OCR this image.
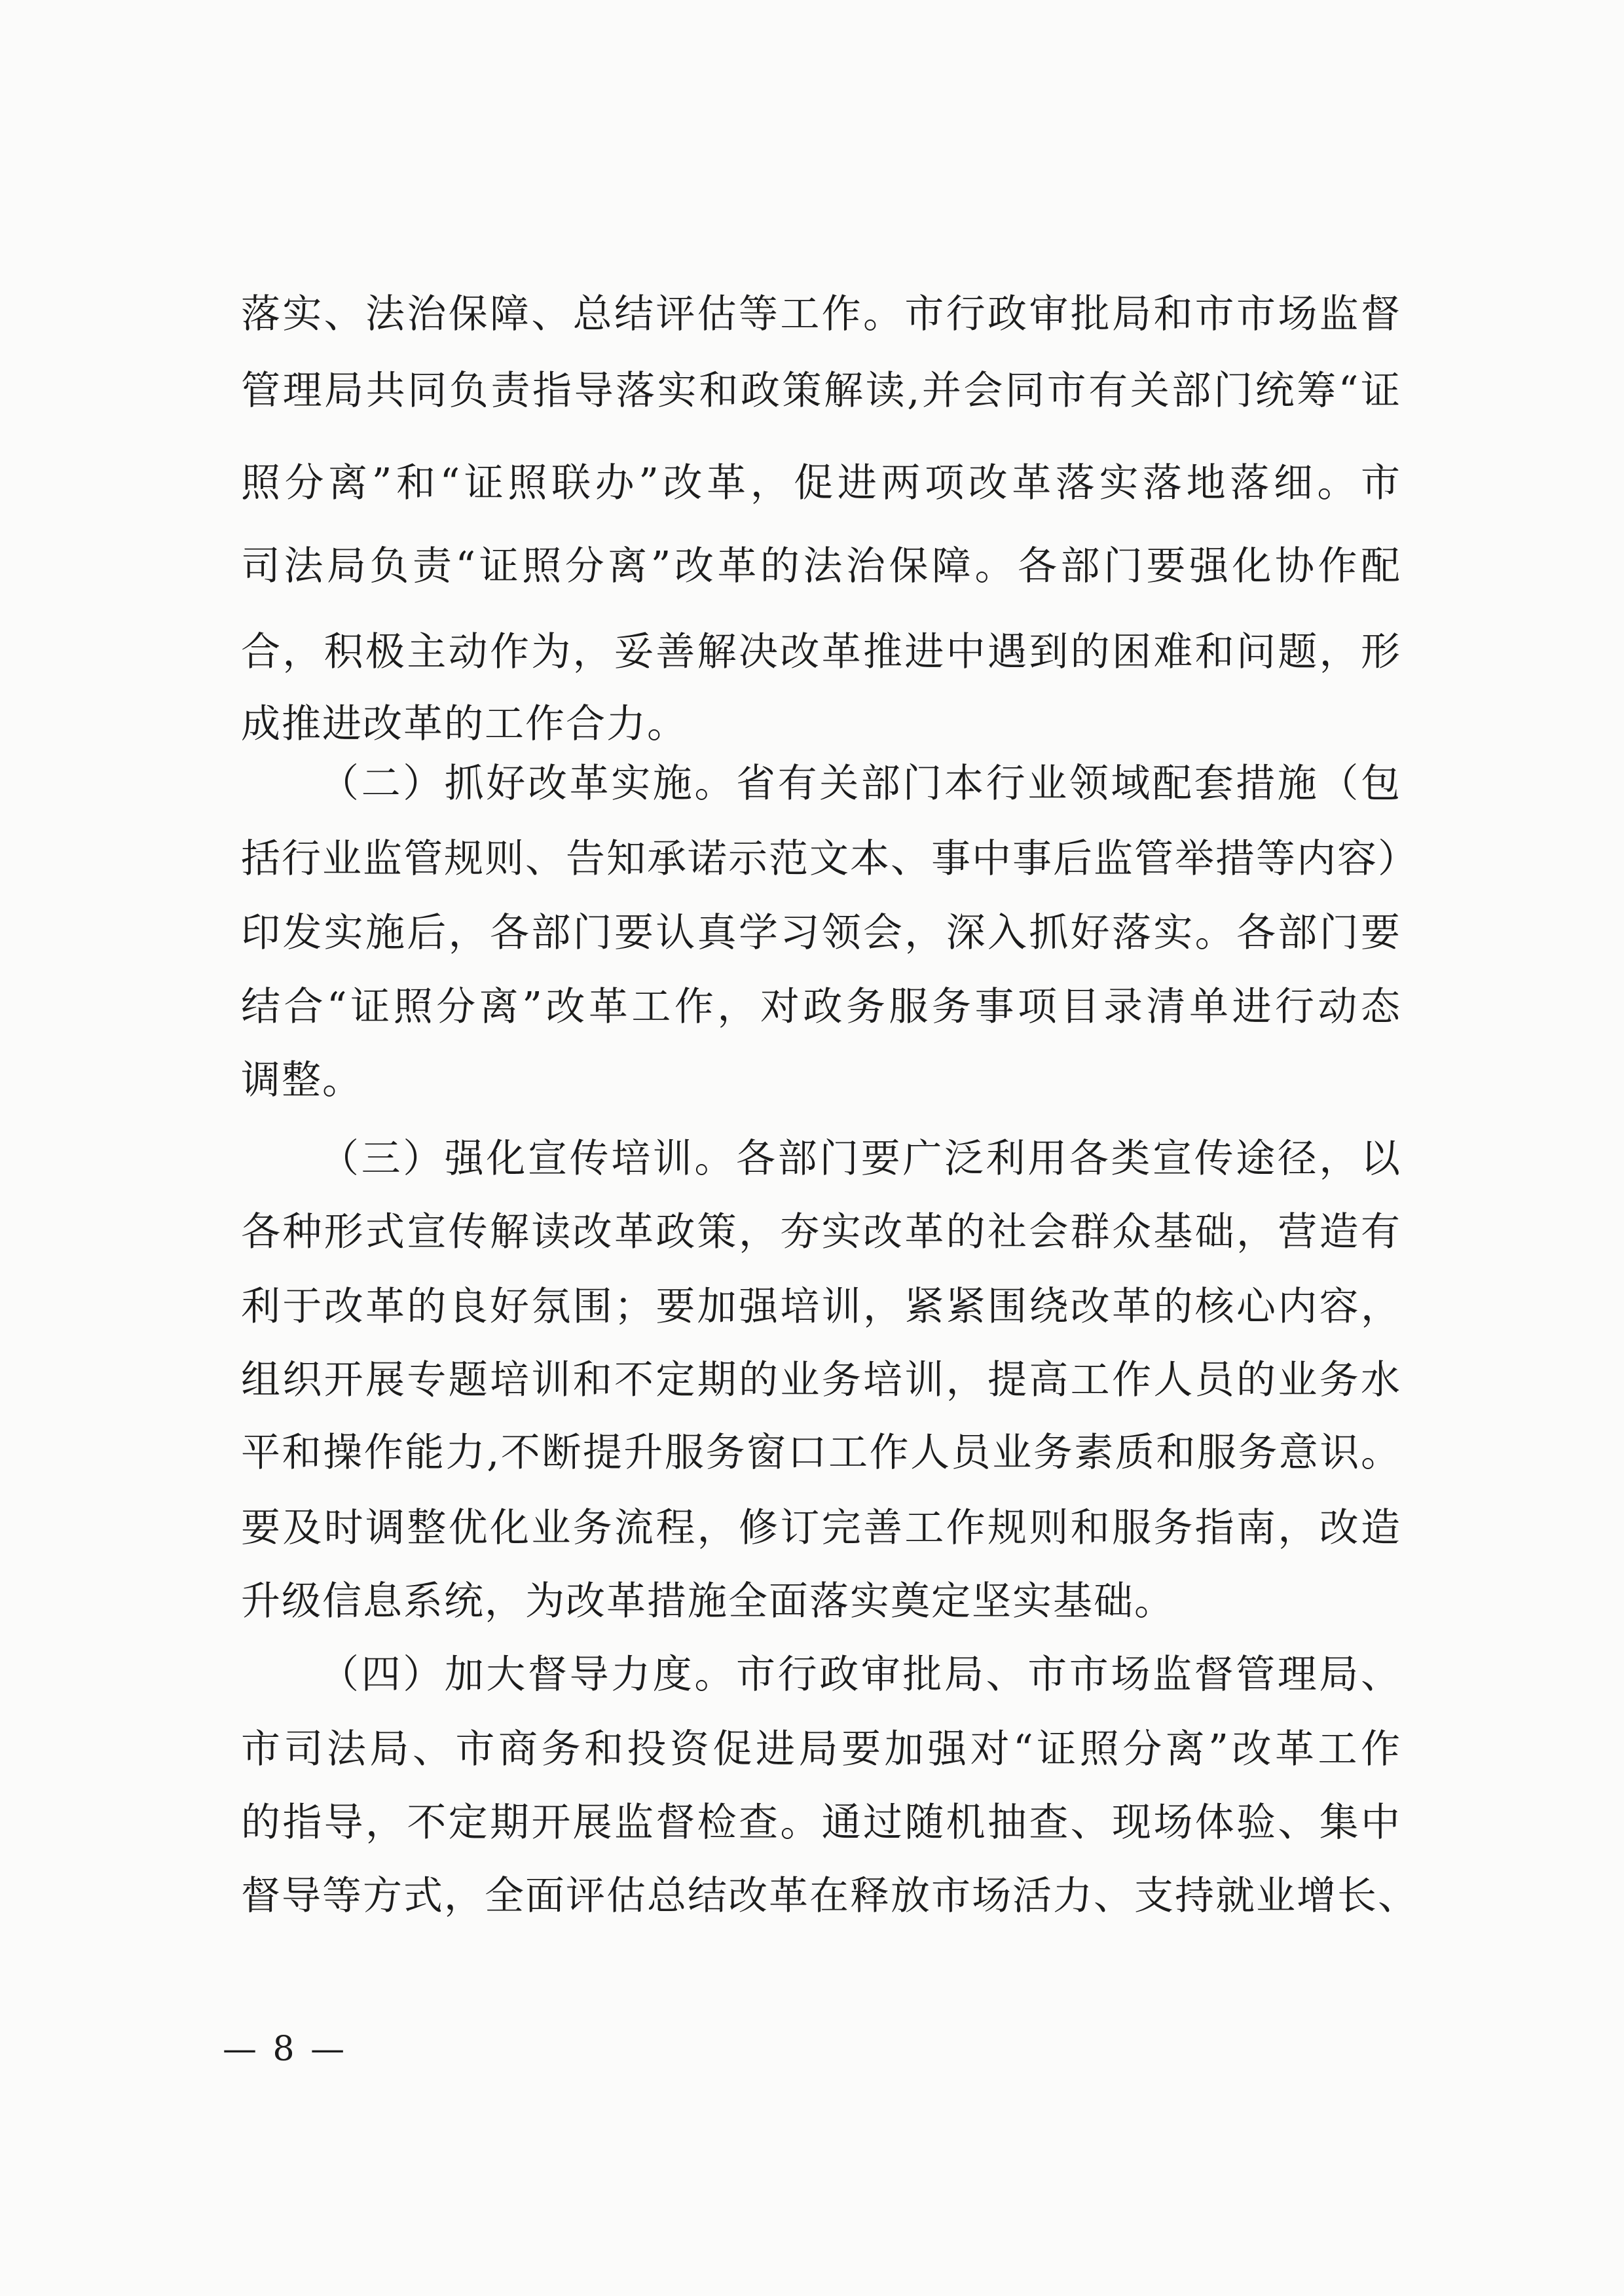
落实、法治保障、总结评估等工作。市行政审批局和市市场监督
管理局共同负责指导落实和政策解读,并会同市有关部门统筹“证
照分离”和“证照联办”改革，促进两项改革落实落地落细。市
司法局负责“证照分离”改革的法治保障。各部门要强化协作配
合，积极主动作为，妥善解决改革推进中遇到的困难和问题，形
成推进改革的工作合力。
（二）抓好改革实施。省有关部门本行业领域配套措施（包
括行业监管规则、告知承诺示范文本、事中事后监管举措等内容）
印发实施后，各部门要认真学习领会，深入抓好落实。各部门要
结合“证照分离”改革工作，对政务服务事项目录清单进行动态
调整。
（三）强化宣传培训。各部门要广泛利用各类宣传途径，以
各种形式宣传解读改革政策，夯实改革的社会群众基础，营造有
利于改革的良好氛围；要加强培训，紧紧围绕改革的核心内容，
组织开展专题培训和不定期的业务培训，提高工作人员的业务水
平和操作能力,不断提升服务窗口工作人员业务素质和服务意识。
要及时调整优化业务流程，修订完善工作规则和服务指南，改造
升级信息系统，为改革措施全面落实奠定坚实基础。
（四）加大督导力度。市行政审批局、市市场监督管理局、
市司法局、市商务和投资促进局要加强对“证照分离”改革工作
的指导，不定期开展监督检查。通过随机抽查、现场体验、集中
督导等方式，全面评估总结改革在释放市场活力、支持就业增长、
— 8 —
